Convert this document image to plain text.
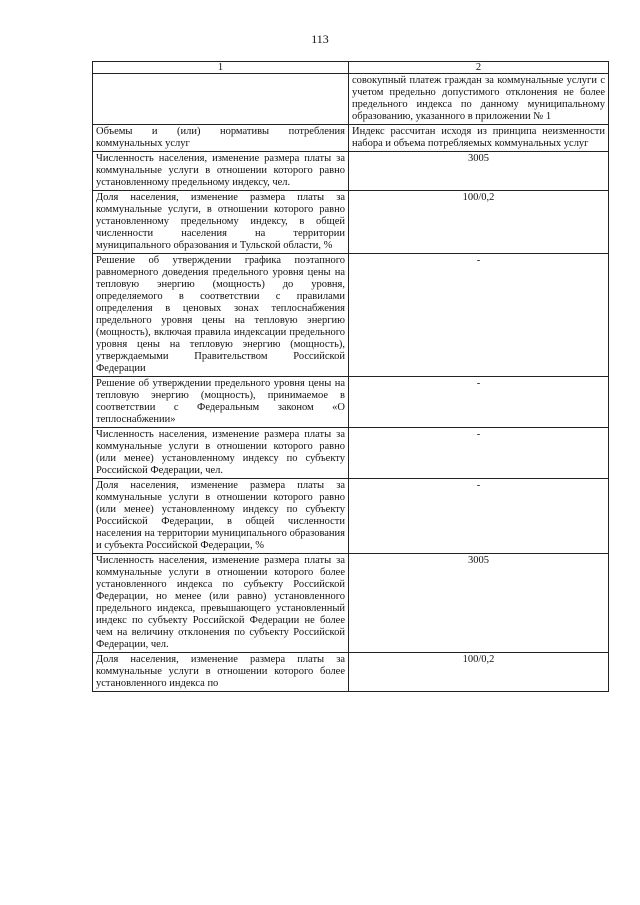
113
1	2
	совокупный платеж граждан за коммунальные услуги с учетом предельно допустимого отклонения не более предельного индекса по данному муниципальному образованию, указанного в приложении № 1
Объемы и (или) нормативы потребления коммунальных услуг	Индекс рассчитан исходя из принципа неизменности набора и объема потребляемых коммунальных услуг
Численность населения, изменение размера платы за коммунальные услуги в отношении которого равно установленному предельному индексу, чел.	3005
Доля населения, изменение размера платы за коммунальные услуги, в отношении которого равно установленному предельному индексу, в общей численности населения на территории муниципального образования и Тульской области, %	100/0,2
Решение об утверждении графика поэтапного равномерного доведения предельного уровня цены на тепловую энергию (мощность) до уровня, определяемого в соответствии с правилами определения в ценовых зонах теплоснабжения предельного уровня цены на тепловую энергию (мощность), включая правила индексации предельного уровня цены на тепловую энергию (мощность), утверждаемыми Правительством Российской Федерации	-
Решение об утверждении предельного уровня цены на тепловую энергию (мощность), принимаемое в соответствии с Федеральным законом «О теплоснабжении»	-
Численность населения, изменение размера платы за коммунальные услуги в отношении которого равно (или менее) установленному индексу по субъекту Российской Федерации, чел.	-
Доля населения, изменение размера платы за коммунальные услуги в отношении которого равно (или менее) установленному индексу по субъекту Российской Федерации, в общей численности населения на территории муниципального образования и субъекта Российской Федерации, %	-
Численность населения, изменение размера платы за коммунальные услуги в отношении которого более установленного индекса по субъекту Российской Федерации, но менее (или равно) установленного предельного индекса, превышающего установленный индекс по субъекту Российской Федерации не более чем на величину отклонения по субъекту Российской Федерации, чел.	3005
Доля населения, изменение размера платы за коммунальные услуги в отношении которого более установленного индекса по	100/0,2
